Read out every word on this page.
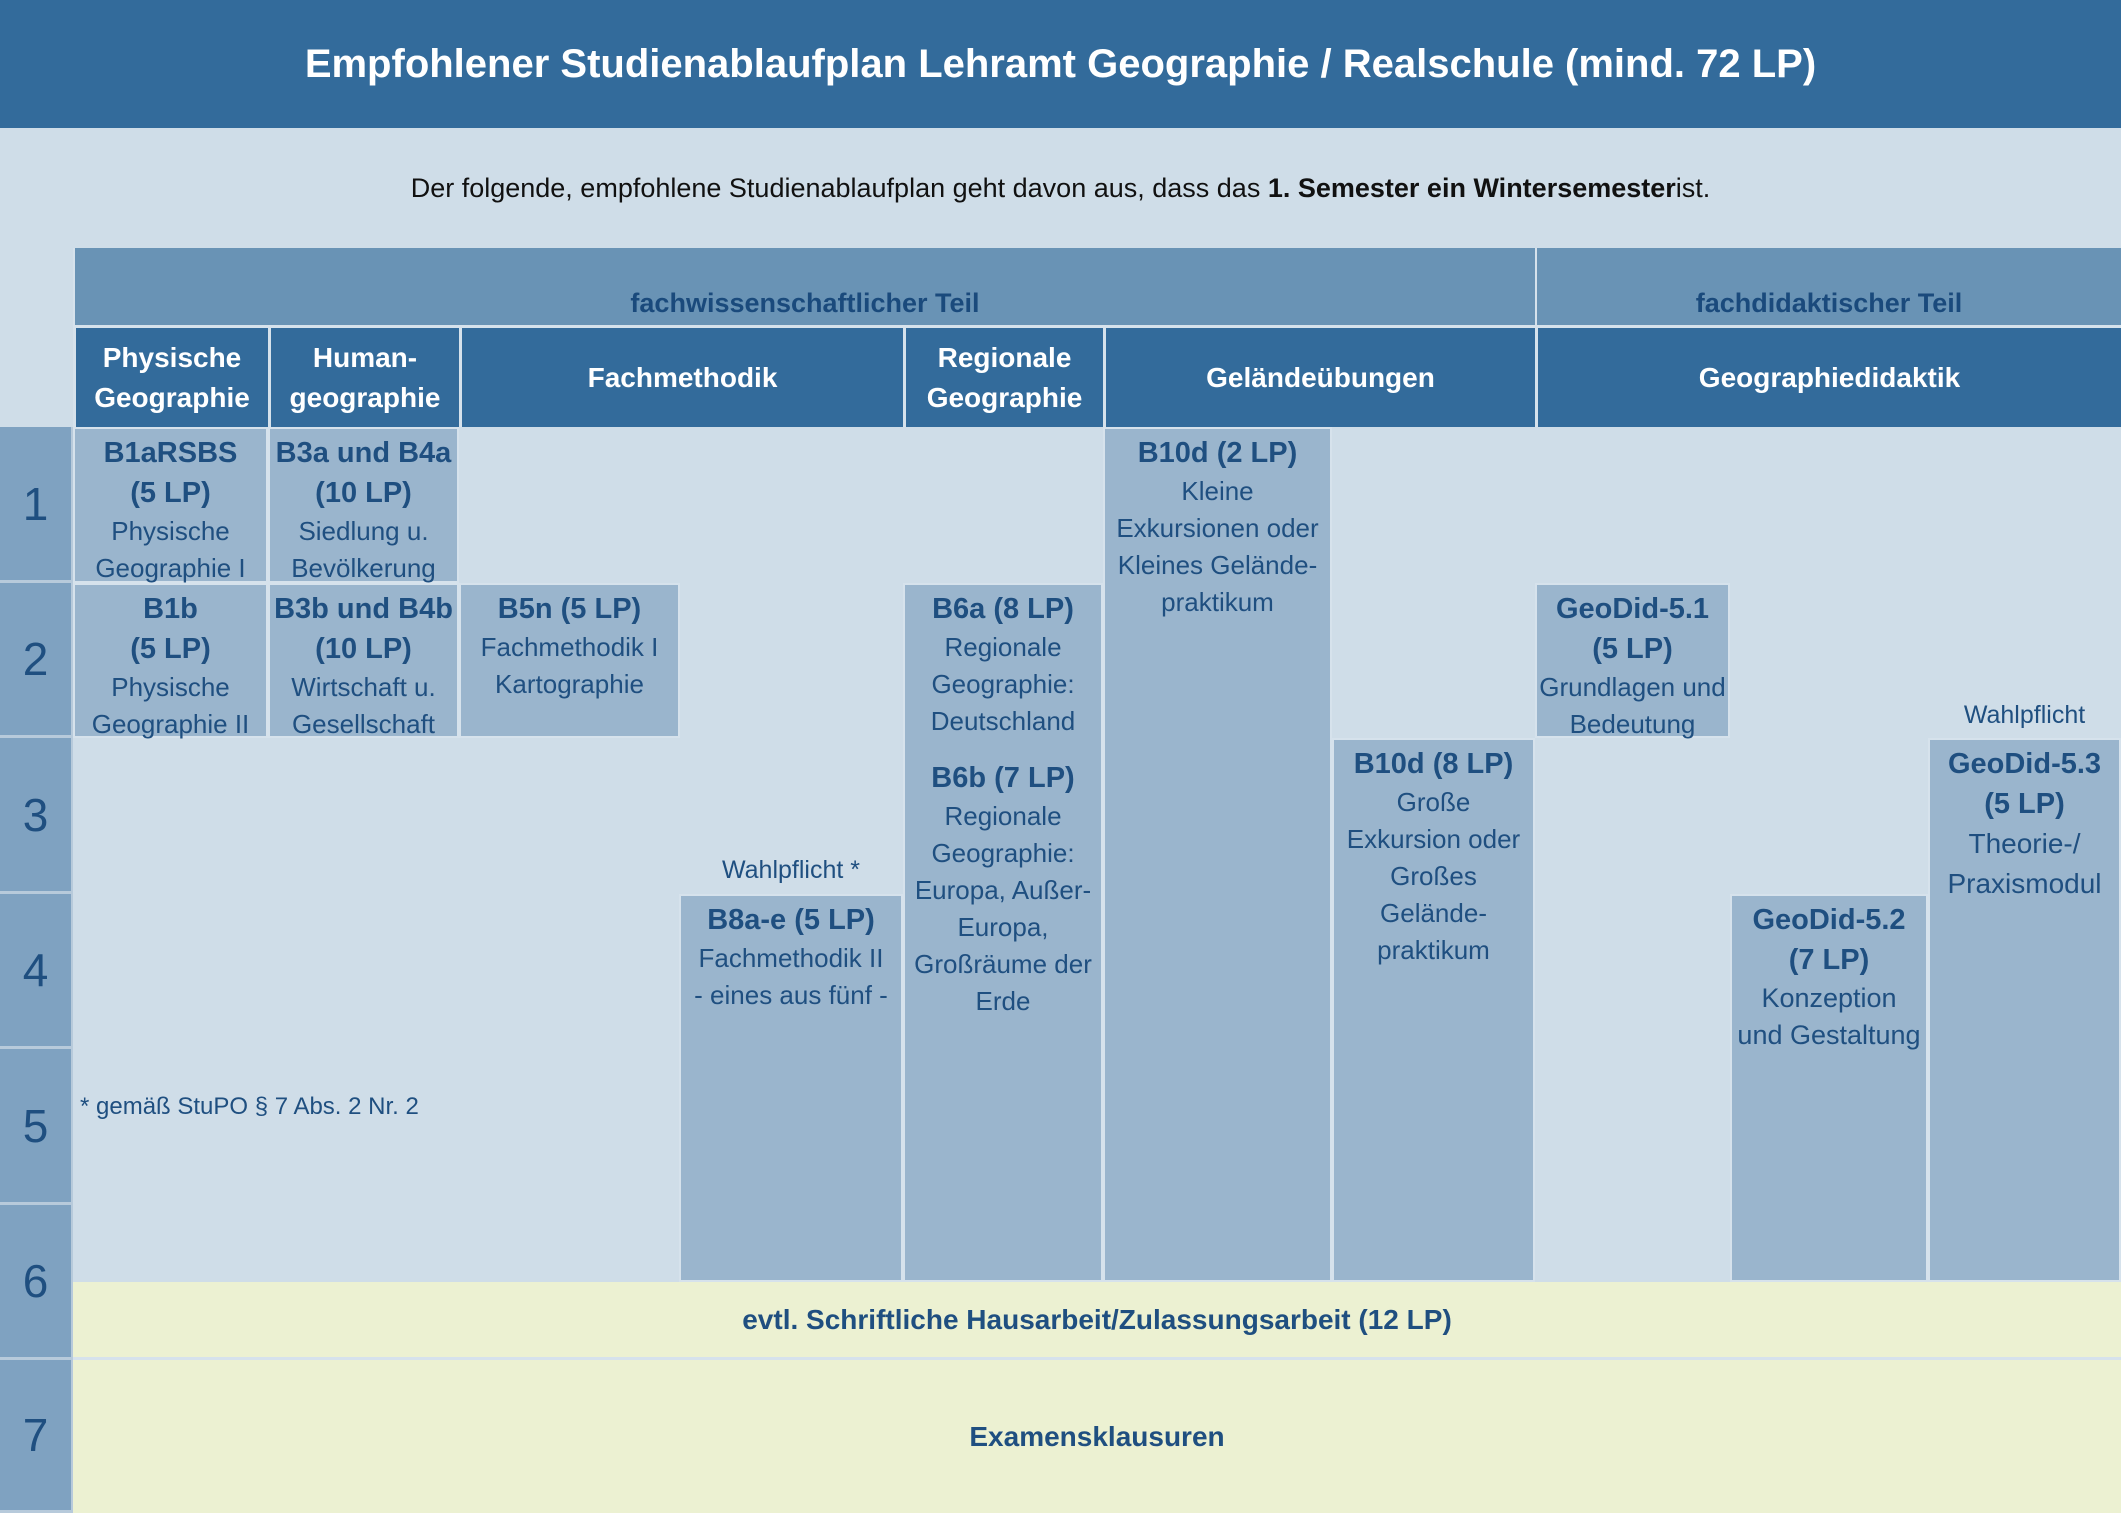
Empfohlener Studienablaufplan Lehramt Geographie / Realschule (mind. 72 LP)
Der folgende, empfohlene Studienablaufplan geht davon aus, dass das 1. Semester ein Wintersemester ist.
fachwissenschaftlicher Teil	fachdidaktischer Teil
Physische
Geographie
Human-
geographie
Fachmethodik
Regionale
Geographie
Geländeübungen	Geographiedidaktik
1
2
3
4
5
6
7
B1aRSBS
(5 LP)
Physische
Geographie I
B3a und B4a
(10 LP)
Siedlung u.
Bevölkerung
B1b
(5 LP)
Physische
Geographie II
B3b und B4b
(10 LP)
Wirtschaft u.
Gesellschaft
B5n (5 LP)
Fachmethodik I
Kartographie
Wahlpflicht *
B8a-e (5 LP)
Fachmethodik II
- eines aus fünf -
B6a (8 LP)
Regionale
Geographie:
Deutschland
B6b (7 LP)
Regionale
Geographie:
Europa, Außer-
Europa,
Großräume der
Erde
B10d (2 LP)
Kleine
Exkursionen oder
Kleines Gelände-
praktikum
B10d (8 LP)
Große
Exkursion oder
Großes Gelände-
praktikum
GeoDid-5.1
(5 LP)
Grundlagen und
Bedeutung
GeoDid-5.2
(7 LP)
Konzeption
und Gestaltung
Wahlpflicht
GeoDid-5.3
(5 LP)
Theorie-/
Praxismodul
* gemäß StuPO § 7 Abs. 2 Nr. 2
evtl. Schriftliche Hausarbeit/Zulassungsarbeit (12 LP)
Examensklausuren
